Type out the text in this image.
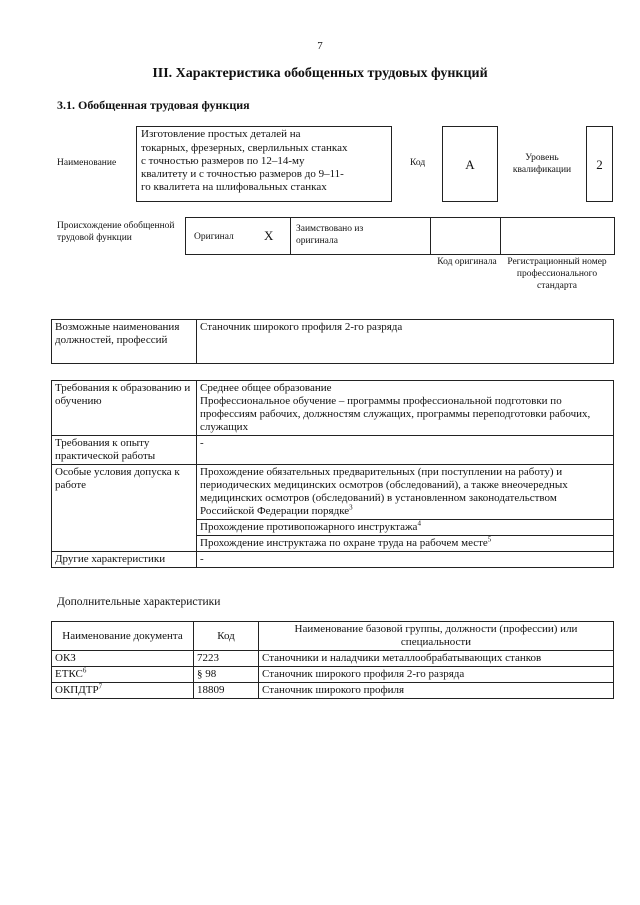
7
III. Характеристика обобщенных трудовых функций
3.1. Обобщенная трудовая функция
Наименование
Изготовление простых деталей на
токарных, фрезерных, сверлильных станках
с точностью размеров по 12–14-му
квалитету и с точностью размеров до 9–11-
го квалитета на шлифовальных станках
Код	A	Уровень квалификации	2
Происхождение обобщенной трудовой функции	Оригинал X Заимствовано из оригинала
Код оригинала	Регистрационный номер профессионального стандарта
Возможные наименования должностей, профессий	Станочник широкого профиля 2-го разряда
Требования к образованию и обучению	Среднее общее образование
Профессиональное обучение – программы профессиональной подготовки по профессиям рабочих, должностям служащих, программы переподготовки рабочих, служащих

Требования к опыту практической работы	-
Особые условия допуска к работе	Прохождение обязательных предварительных (при поступлении на работу) и периодических медицинских осмотров (обследований), а также внеочередных медицинских осмотров (обследований) в установленном законодательством Российской Федерации порядке$^3$
	Прохождение противопожарного инструктажа$^4$
	Прохождение инструктажа по охране труда на рабочем месте$^5$
Другие характеристики	-
Дополнительные характеристики
Наименование документа	Код	Наименование базовой группы, должности (профессии) или специальности
ОКЗ	7223	Станочники и наладчики металлообрабатывающих станков
ЕТКС$^6$	§ 98	Станочник широкого профиля 2-го разряда
ОКПДТР$^7$	18809	Станочник широкого профиля
